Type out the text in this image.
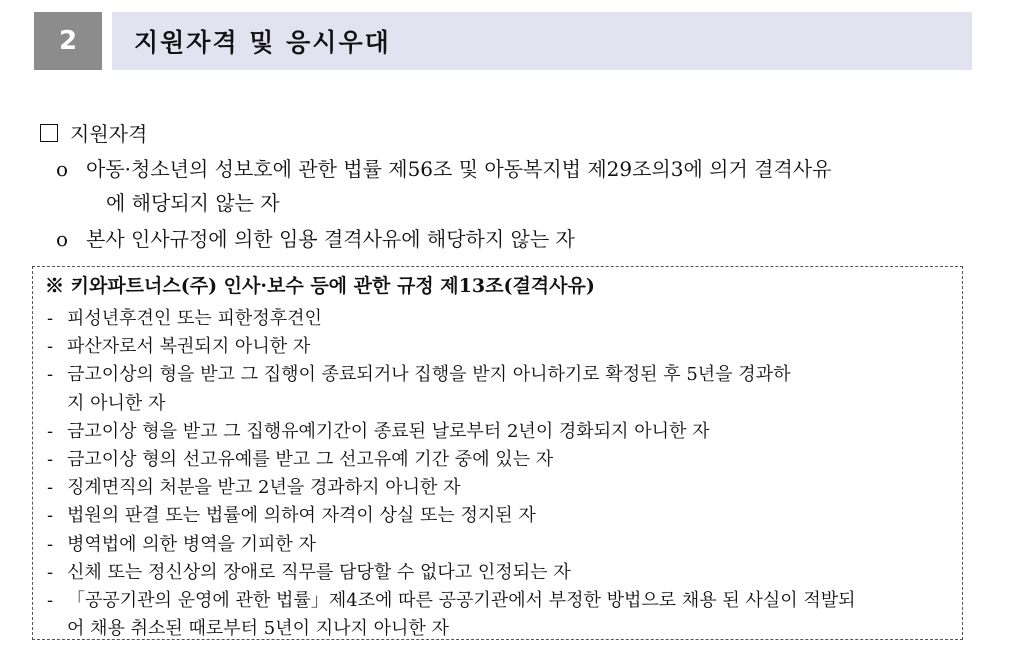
2	지원자격 및 응시우대
지원자격
o 아동·청소년의 성보호에 관한 법률 제56조 및 아동복지법 제29조의3에 의거 결격사유
에 해당되지 않는 자
o 본사 인사규정에 의한 임용 결격사유에 해당하지 않는 자
※ 키와파트너스(주) 인사·보수 등에 관한 규정 제13조(결격사유)
- 피성년후견인 또는 피한정후견인
- 파산자로서 복권되지 아니한 자
- 금고이상의 형을 받고 그 집행이 종료되거나 집행을 받지 아니하기로 확정된 후 5년을 경과하
지 아니한 자
- 금고이상 형을 받고 그 집행유예기간이 종료된 날로부터 2년이 경화되지 아니한 자
- 금고이상 형의 선고유예를 받고 그 선고유예 기간 중에 있는 자
- 징계면직의 처분을 받고 2년을 경과하지 아니한 자
- 법원의 판결 또는 법률에 의하여 자격이 상실 또는 정지된 자
- 병역법에 의한 병역을 기피한 자
- 신체 또는 정신상의 장애로 직무를 담당할 수 없다고 인정되는 자
- 「공공기관의 운영에 관한 법률」제4조에 따른 공공기관에서 부정한 방법으로 채용 된 사실이 적발되
어 채용 취소된 때로부터 5년이 지나지 아니한 자
